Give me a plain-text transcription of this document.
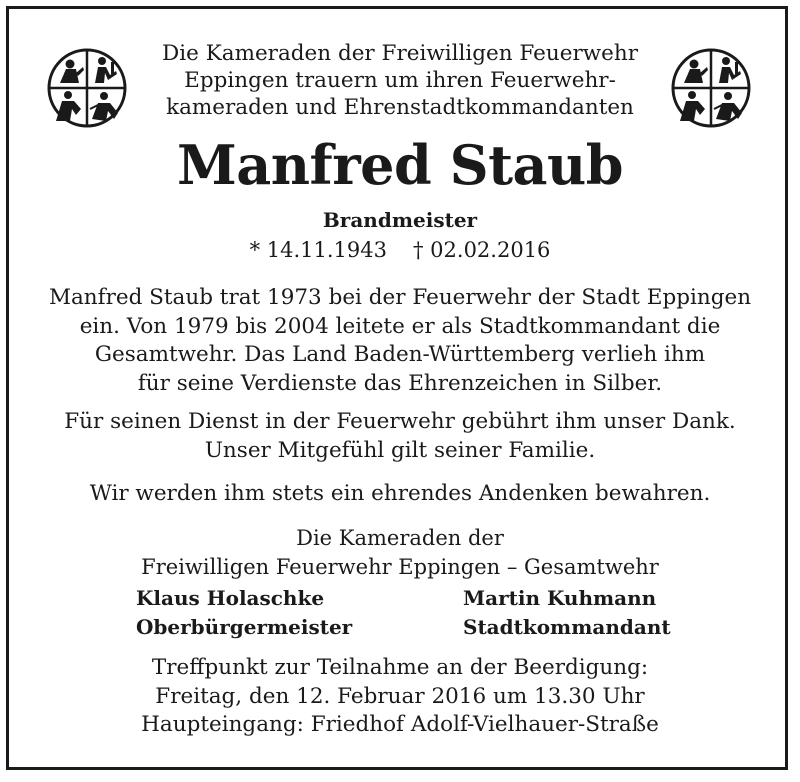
Die Kameraden der Freiwilligen Feuerwehr
Eppingen trauern um ihren Feuerwehr-
kameraden und Ehrenstadtkommandanten
Manfred Staub
Brandmeister
* 14.11.1943 † 02.02.2016
Manfred Staub trat 1973 bei der Feuerwehr der Stadt Eppingen
ein. Von 1979 bis 2004 leitete er als Stadtkommandant die
Gesamtwehr. Das Land Baden-Württemberg verlieh ihm
für seine Verdienste das Ehrenzeichen in Silber.
Für seinen Dienst in der Feuerwehr gebührt ihm unser Dank.
Unser Mitgefühl gilt seiner Familie.
Wir werden ihm stets ein ehrendes Andenken bewahren.
Die Kameraden der
Freiwilligen Feuerwehr Eppingen – Gesamtwehr
Klaus Holaschke
Oberbürgermeister
Martin Kuhmann
Stadtkommandant
Treffpunkt zur Teilnahme an der Beerdigung:
Freitag, den 12. Februar 2016 um 13.30 Uhr
Haupteingang: Friedhof Adolf-Vielhauer-Straße
